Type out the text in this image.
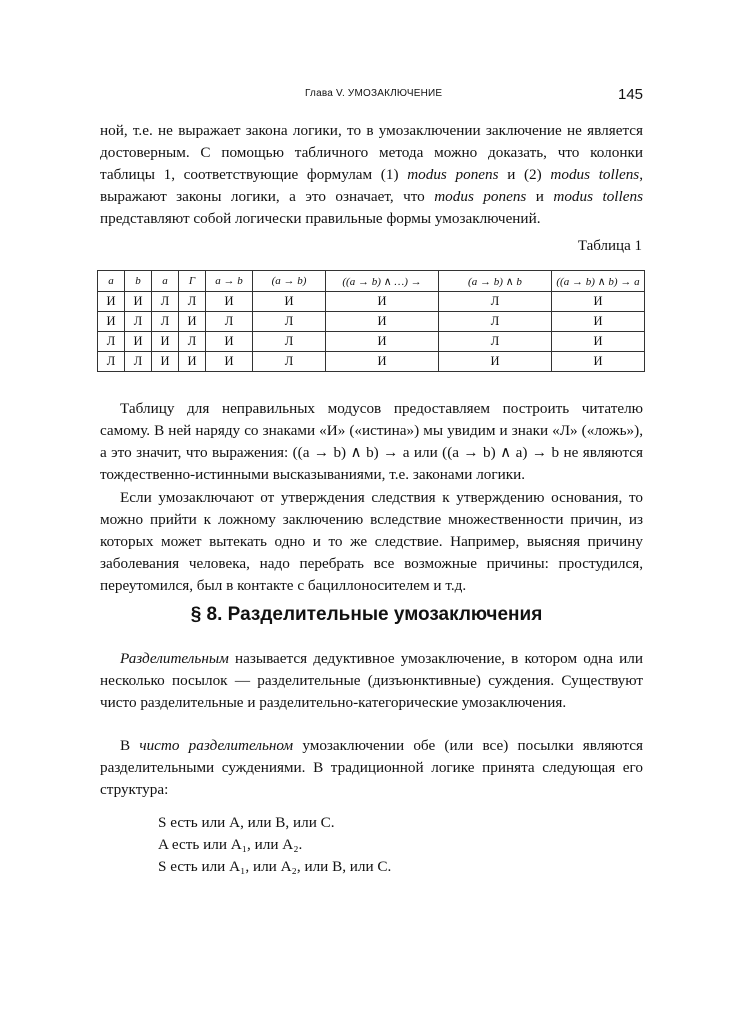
Глава V. УМОЗАКЛЮЧЕНИЕ	145
ной, т.е. не выражает закона логики, то в умозаключении заключение не является достоверным. С помощью табличного метода можно доказать, что колонки таблицы 1, соответствующие формулам (1) modus ponens и (2) modus tollens, выражают законы логики, а это означает, что modus ponens и modus tollens представляют собой логически правильные формы умозаключений.
Таблица 1
a	b	a	Г	a → b	(a → b)	((a → b) ∧ …) →	(a → b) ∧ b	((a → b) ∧ b) → a
И	И	Л	Л	И	И	И	Л	И
И	Л	Л	И	Л	Л	И	Л	И
Л	И	И	Л	И	Л	И	Л	И
Л	Л	И	И	И	Л	И	И	И
Таблицу для неправильных модусов предоставляем построить читателю самому. В ней наряду со знаками «И» («истина») мы увидим и знаки «Л» («ложь»), а это значит, что выражения: ((a → b) ∧ b) → a или ((a → b) ∧ a) → b не являются тождественно-истинными высказываниями, т.е. законами логики.
Если умозаключают от утверждения следствия к утверждению основания, то можно прийти к ложному заключению вследствие множественности причин, из которых может вытекать одно и то же следствие. Например, выясняя причину заболевания человека, надо перебрать все возможные причины: простудился, переутомился, был в контакте с бациллоносителем и т.д.
§ 8. Разделительные умозаключения
Разделительным называется дедуктивное умозаключение, в котором одна или несколько посылок — разделительные (дизъюнктивные) суждения. Существуют чисто разделительные и разделительно-категорические умозаключения.
В чисто разделительном умозаключении обе (или все) посылки являются разделительными суждениями. В традиционной логике принята следующая его структура:
S есть или A, или B, или C.
A есть или A₁, или A₂.
S есть или A₁, или A₂, или B, или C.
